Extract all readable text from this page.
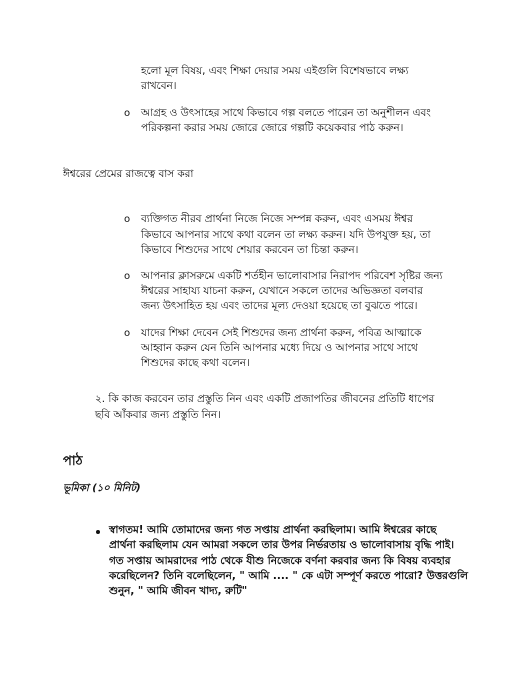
হলো মূল বিষয়, এবং শিক্ষা দেয়ার সময় এইগুলি বিশেষভাবে লক্ষ্য
রাখবেন।
o আগ্রহ ও উৎসাহের সাথে কিভাবে গল্প বলতে পারেন তা অনুশীলন এবং
পরিকল্পনা করার সময় জোরে জোরে গল্পটি কয়েকবার পাঠ করুন।
ঈশ্বরের প্রেমের রাজত্বে বাস করা
o ব্যক্তিগত নীরব প্রার্থনা নিজে নিজে সম্পন্ন করুন, এবং এসময় ঈশ্বর
কিভাবে আপনার সাথে কথা বলেন তা লক্ষ্য করুন। যদি উপযুক্ত হয়, তা
কিভাবে শিশুদের সাথে শেয়ার করবেন তা চিন্তা করুন।
o আপনার ক্লাসরুমে একটি শর্তহীন ভালোবাসার নিরাপদ পরিবেশ সৃষ্টির জন্য
ঈশ্বরের সাহায্য যাচনা করুন, যেখানে সকলে তাদের অভিজ্ঞতা বলবার
জন্য উৎসাহিত হয় এবং তাদের মূল্য দেওয়া হয়েছে তা বুঝতে পারে।
o যাদের শিক্ষা দেবেন সেই শিশুদের জন্য প্রার্থনা করুন, পবিত্র আত্মাকে
আহ্বান করুন যেন তিনি আপনার মধ্যে দিয়ে ও আপনার সাথে সাথে
শিশুদের কাছে কথা বলেন।
২. কি কাজ করবেন তার প্রস্তুতি নিন এবং একটি প্রজাপতির জীবনের প্রতিটি ধাপের
ছবি আঁকবার জন্য প্রস্তুতি নিন।
পাঠ
ভূমিকা (১০ মিনিট)
স্বাগতম! আমি তোমাদের জন্য গত সপ্তায় প্রার্থনা করছিলাম। আমি ঈশ্বরের কাছে
প্রার্থনা করছিলাম যেন আমরা সকলে তার উপর নির্ভরতায় ও ভালোবাসায় বৃদ্ধি পাই।
গত সপ্তায় আমরাদের পাঠ থেকে যীশু নিজেকে বর্ণনা করবার জন্য কি বিষয় ব্যবহার
করেছিলেন? তিনি বলেছিলেন, " আমি .... " কে এটা সম্পূর্ণ করতে পারো? উত্তরগুলি
শুনুন, " আমি জীবন খাদ্য, রুটি"
